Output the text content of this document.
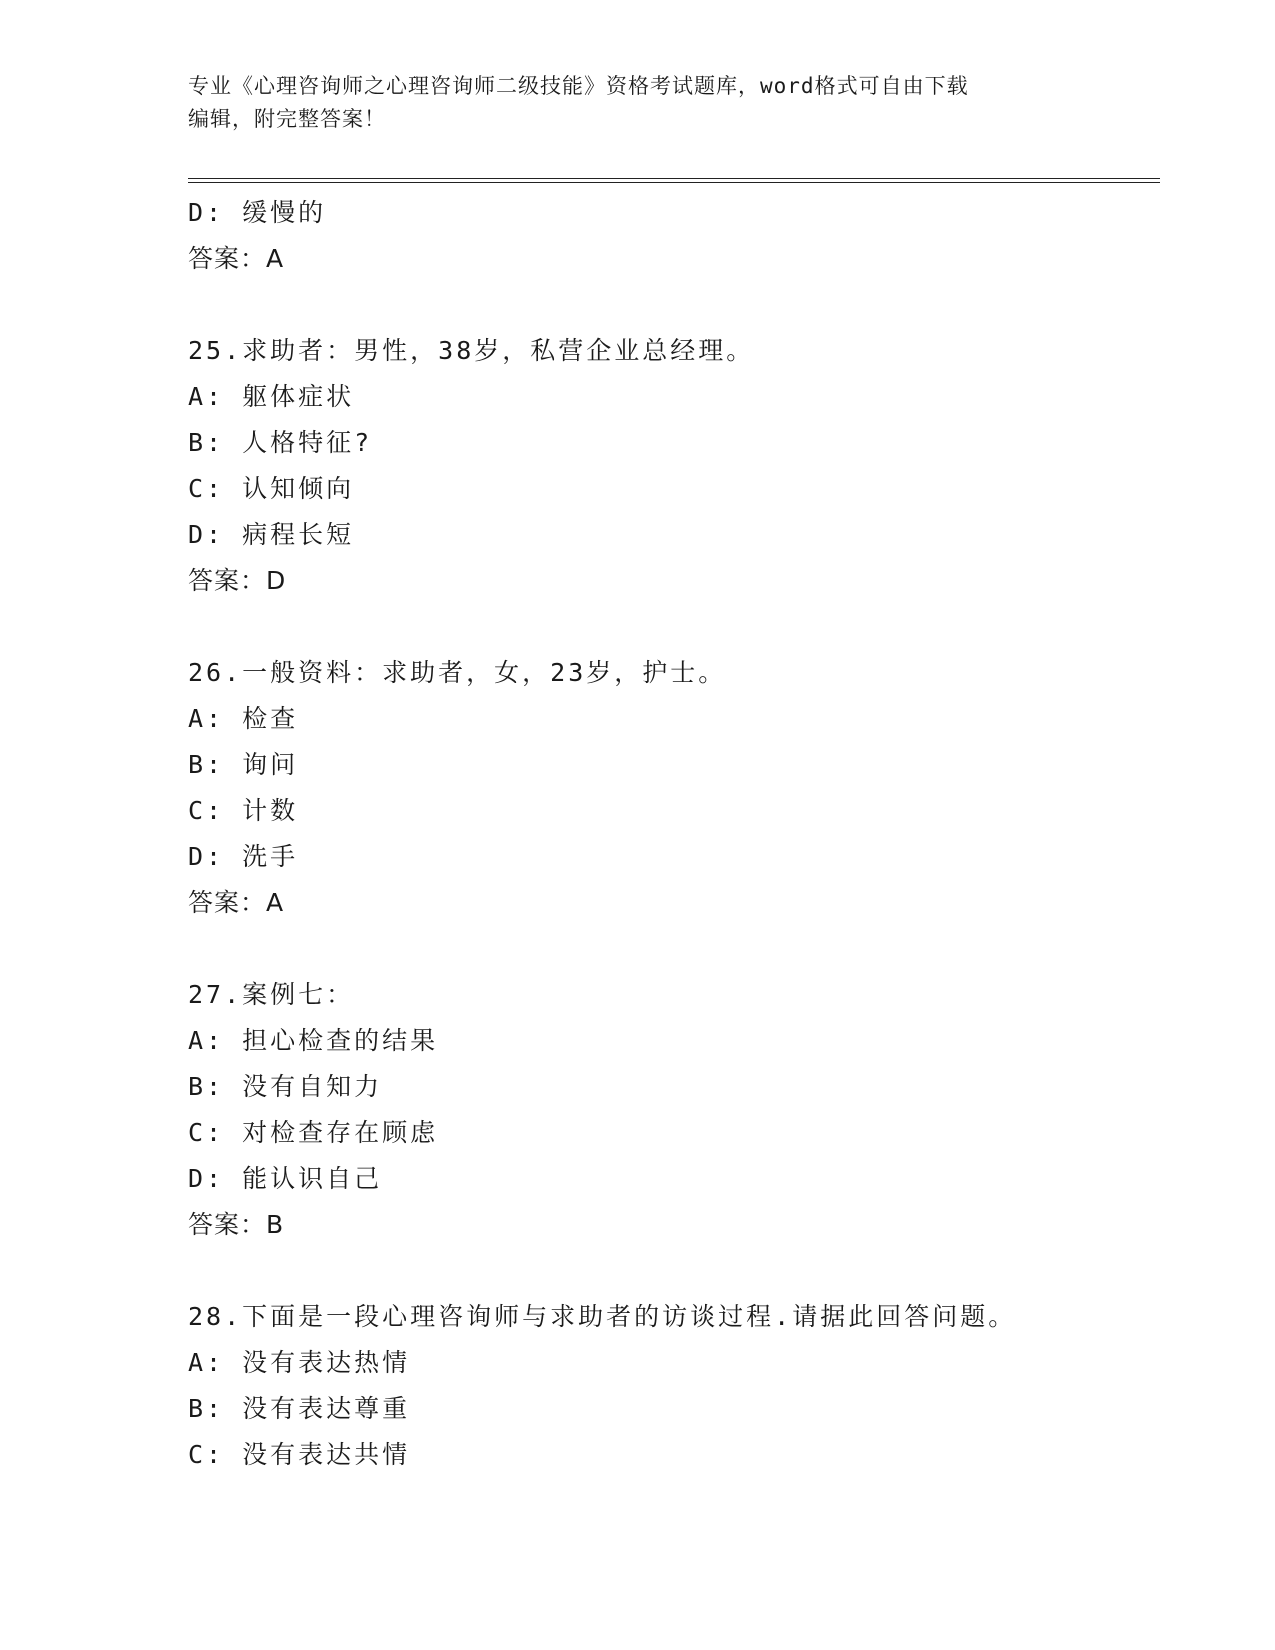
专业《心理咨询师之心理咨询师二级技能》资格考试题库，word格式可自由下载
编辑，附完整答案！
D: 缓慢的
答案：A
25.求助者：男性，38岁，私营企业总经理。
A: 躯体症状
B: 人格特征?
C: 认知倾向
D: 病程长短
答案：D
26.一般资料：求助者，女，23岁，护士。
A: 检查
B: 询问
C: 计数
D: 洗手
答案：A
27.案例七：
A: 担心检查的结果
B: 没有自知力
C: 对检查存在顾虑
D: 能认识自己
答案：B
28.下面是一段心理咨询师与求助者的访谈过程.请据此回答问题。
A: 没有表达热情
B: 没有表达尊重
C: 没有表达共情
